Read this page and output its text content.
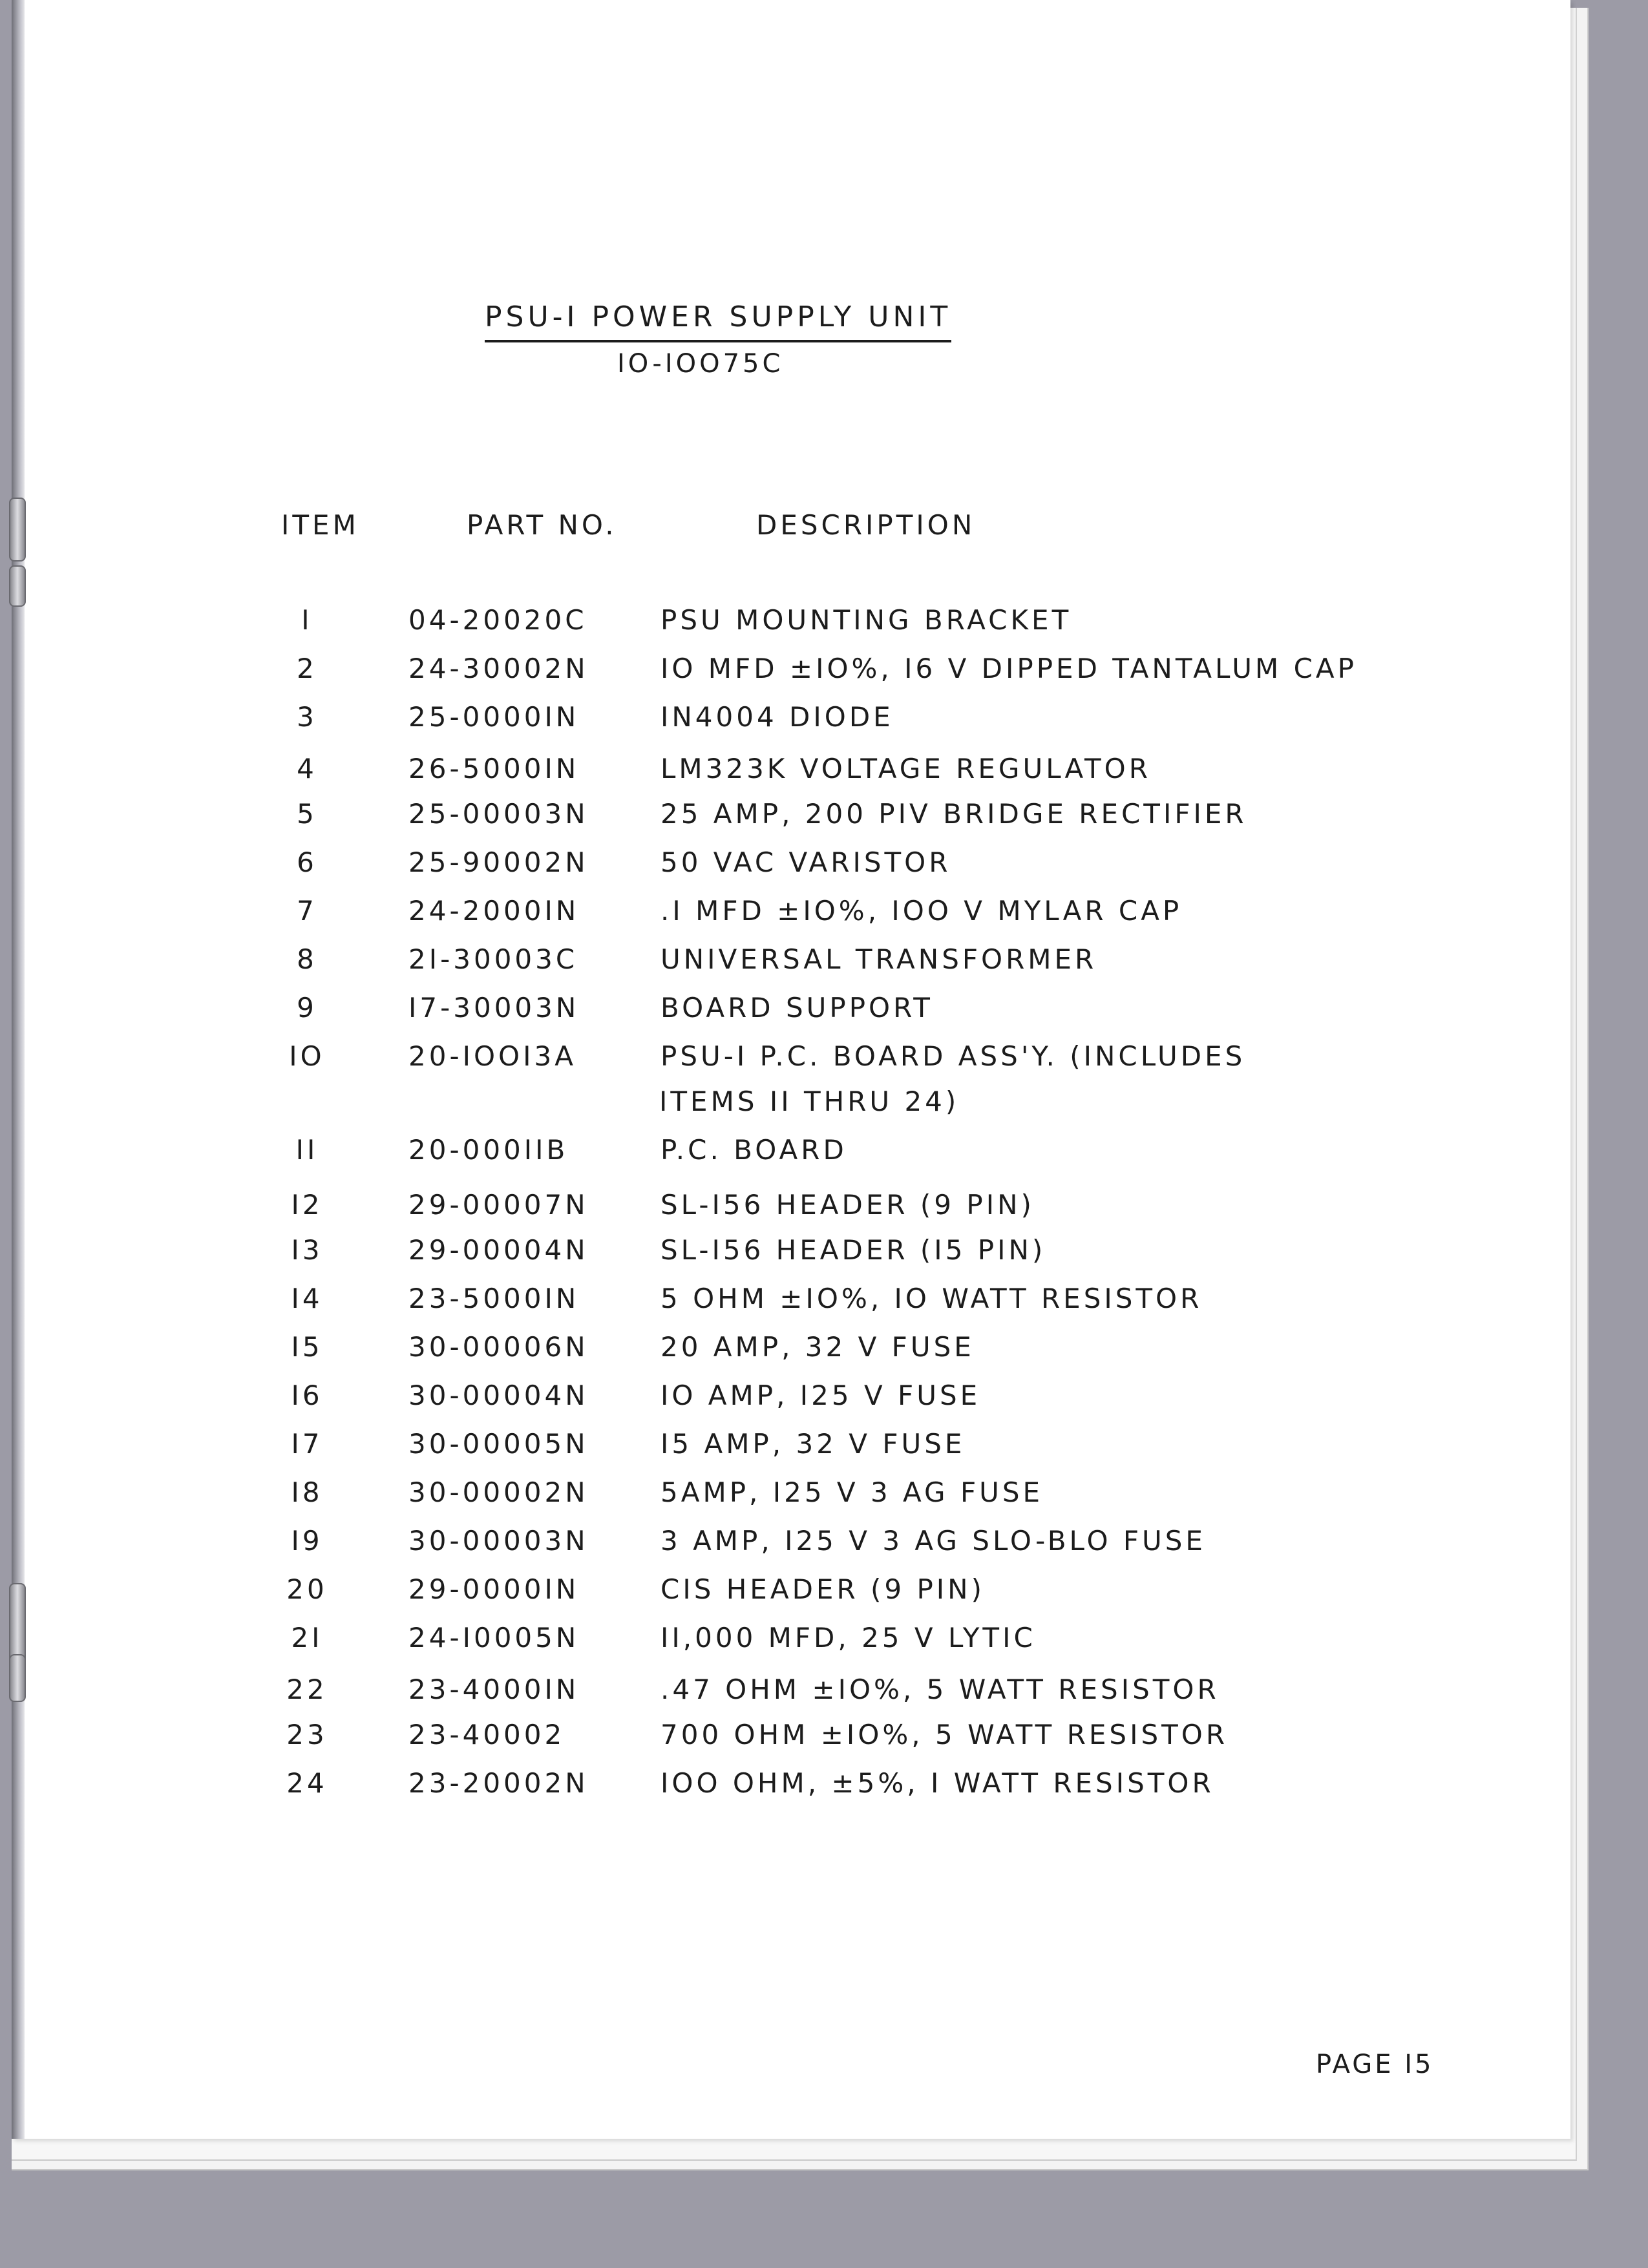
PSU-I POWER SUPPLY UNIT
IO-IOO75C
ITEM	PART NO.	DESCRIPTION
I	04-20020C	PSU MOUNTING BRACKET
2	24-30002N	IO MFD ±IO%, I6 V DIPPED TANTALUM CAP
3	25-0000IN	IN4004 DIODE
4	26-5000IN	LM323K VOLTAGE REGULATOR
5	25-00003N	25 AMP, 200 PIV BRIDGE RECTIFIER
6	25-90002N	50 VAC VARISTOR
7	24-2000IN	.I MFD ±IO%, IOO V MYLAR CAP
8	2I-30003C	UNIVERSAL TRANSFORMER
9	I7-30003N	BOARD SUPPORT
IO	20-IOOI3A	PSU-I P.C. BOARD ASS'Y. (INCLUDES
ITEMS II THRU 24)
II	20-000IIB	P.C. BOARD
I2	29-00007N	SL-I56 HEADER (9 PIN)
I3	29-00004N	SL-I56 HEADER (I5 PIN)
I4	23-5000IN	5 OHM ±IO%, IO WATT RESISTOR
I5	30-00006N	20 AMP, 32 V FUSE
I6	30-00004N	IO AMP, I25 V FUSE
I7	30-00005N	I5 AMP, 32 V FUSE
I8	30-00002N	5AMP, I25 V 3 AG FUSE
I9	30-00003N	3 AMP, I25 V 3 AG SLO-BLO FUSE
20	29-0000IN	CIS HEADER (9 PIN)
2I	24-I0005N	II,000 MFD, 25 V LYTIC
22	23-4000IN	.47 OHM ±IO%, 5 WATT RESISTOR
23	23-40002	700 OHM ±IO%, 5 WATT RESISTOR
24	23-20002N	IOO OHM, ±5%, I WATT RESISTOR
PAGE I5
